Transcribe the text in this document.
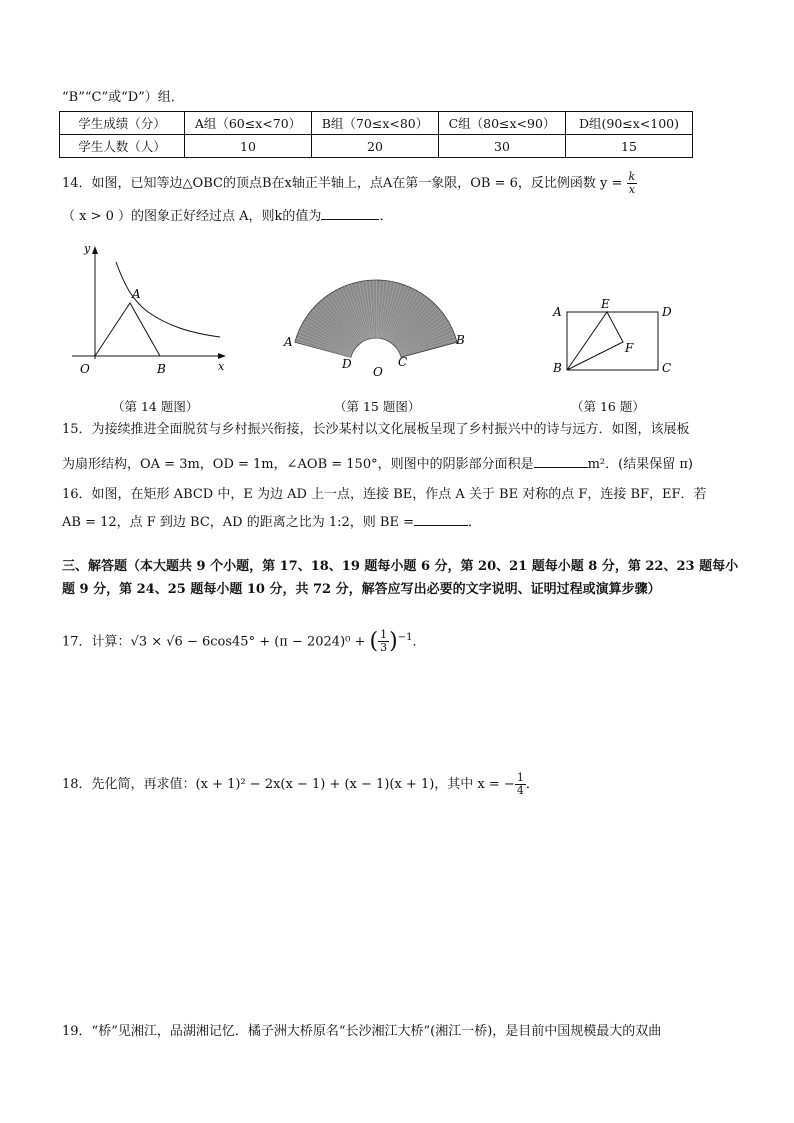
“B”“C”或“D”）组．
学生成绩（分）	A组（60≤x<70）	B组（70≤x<80）	C组（80≤x<90）	D组(90≤x<100)
学生人数（人）	10	20	30	15
14．如图，已知等边△OBC的顶点B在x轴正半轴上，点A在第一象限，OB = 6，反比例函数 $y = \frac{k}{x}$
（ x > 0 ）的图象正好经过点 A，则k的值为	．
y
x
O
A
B
（第 14 题图）
A	B
D	C
O
（第 15 题图）
A
E
D
F
B	C
（第 16 题）
15．为接续推进全面脱贫与乡村振兴衔接，长沙某村以文化展板呈现了乡村振兴中的诗与远方．如图，该展板
为扇形结构，OA = 3m，OD = 1m，∠AOB = 150°，则图中的阴影部分面积是	m²．(结果保留 π)
16．如图，在矩形 ABCD 中，E 为边 AD 上一点，连接 BE，作点 A 关于 BE 对称的点 F，连接 BF，EF．若
AB = 12，点 F 到边 BC，AD 的距离之比为 1:2，则 BE =	．
三、解答题（本大题共 9 个小题，第 17、18、19 题每小题 6 分，第 20、21 题每小题 8 分，第 22、23 题每小
题 9 分，第 24、25 题每小题 10 分，共 72 分，解答应写出必要的文字说明、证明过程或演算步骤）
17．计算：√3 × √6 − 6cos45° + (π − 2024)⁰ + ( $\frac{1}{3} )^{-1}$．
18．先化简，再求值：(x + 1)² − 2x(x − 1) + (x − 1)(x + 1)，其中 x = − $\frac{1}{4}$ ．
19．“桥”见湘江，品湖湘记忆．橘子洲大桥原名“长沙湘江大桥”(湘江一桥)，是目前中国规模最大的双曲
